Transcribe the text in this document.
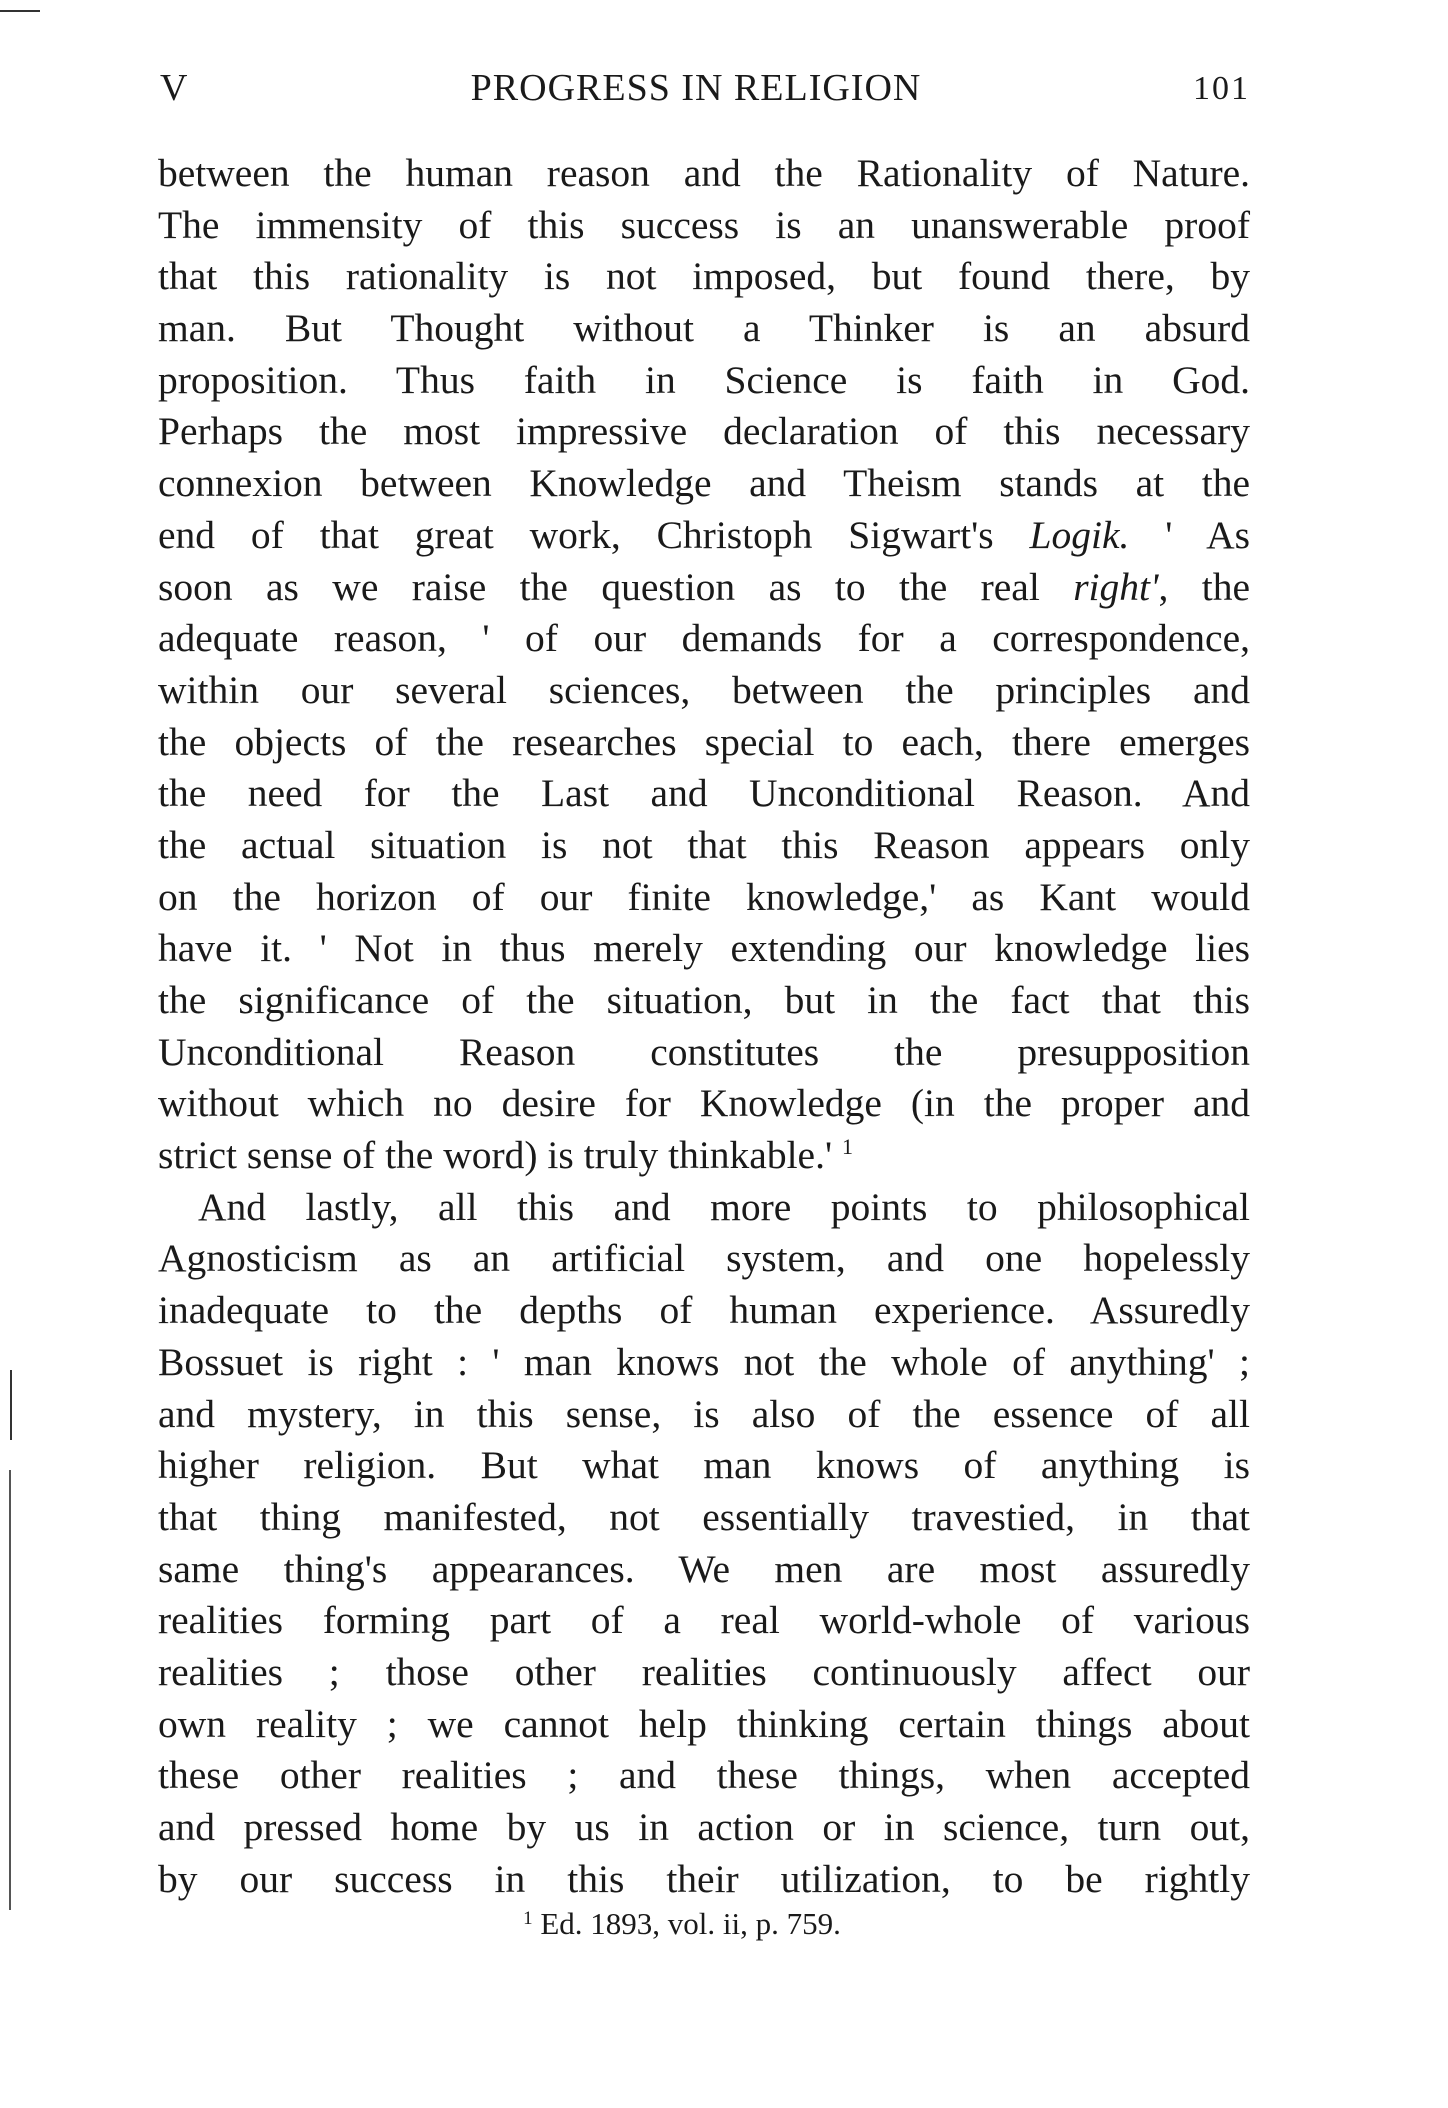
V	PROGRESS IN RELIGION	101
between the human reason and the Rationality of Nature.
The immensity of this success is an unanswerable proof
that this rationality is not imposed, but found there, by
man. But Thought without a Thinker is an absurd
proposition. Thus faith in Science is faith in God.
Perhaps the most impressive declaration of this necessary
connexion between Knowledge and Theism stands at the
end of that great work, Christoph Sigwart's Logik. ' As
soon as we raise the question as to the real right', the
adequate reason, ' of our demands for a correspondence,
within our several sciences, between the principles and
the objects of the researches special to each, there emerges
the need for the Last and Unconditional Reason. And
the actual situation is not that this Reason appears only
on the horizon of our finite knowledge,' as Kant would
have it. ' Not in thus merely extending our knowledge lies
the significance of the situation, but in the fact that this
Unconditional Reason constitutes the presupposition
without which no desire for Knowledge (in the proper and
strict sense of the word) is truly thinkable.' $^1$
And lastly, all this and more points to philosophical
Agnosticism as an artificial system, and one hopelessly
inadequate to the depths of human experience. Assuredly
Bossuet is right : ' man knows not the whole of anything' ;
and mystery, in this sense, is also of the essence of all
higher religion. But what man knows of anything is
that thing manifested, not essentially travestied, in that
same thing's appearances. We men are most assuredly
realities forming part of a real world-whole of various
realities ; those other realities continuously affect our
own reality ; we cannot help thinking certain things about
these other realities ; and these things, when accepted
and pressed home by us in action or in science, turn out,
by our success in this their utilization, to be rightly
$^1$ Ed. 1893, vol. ii, p. 759.
